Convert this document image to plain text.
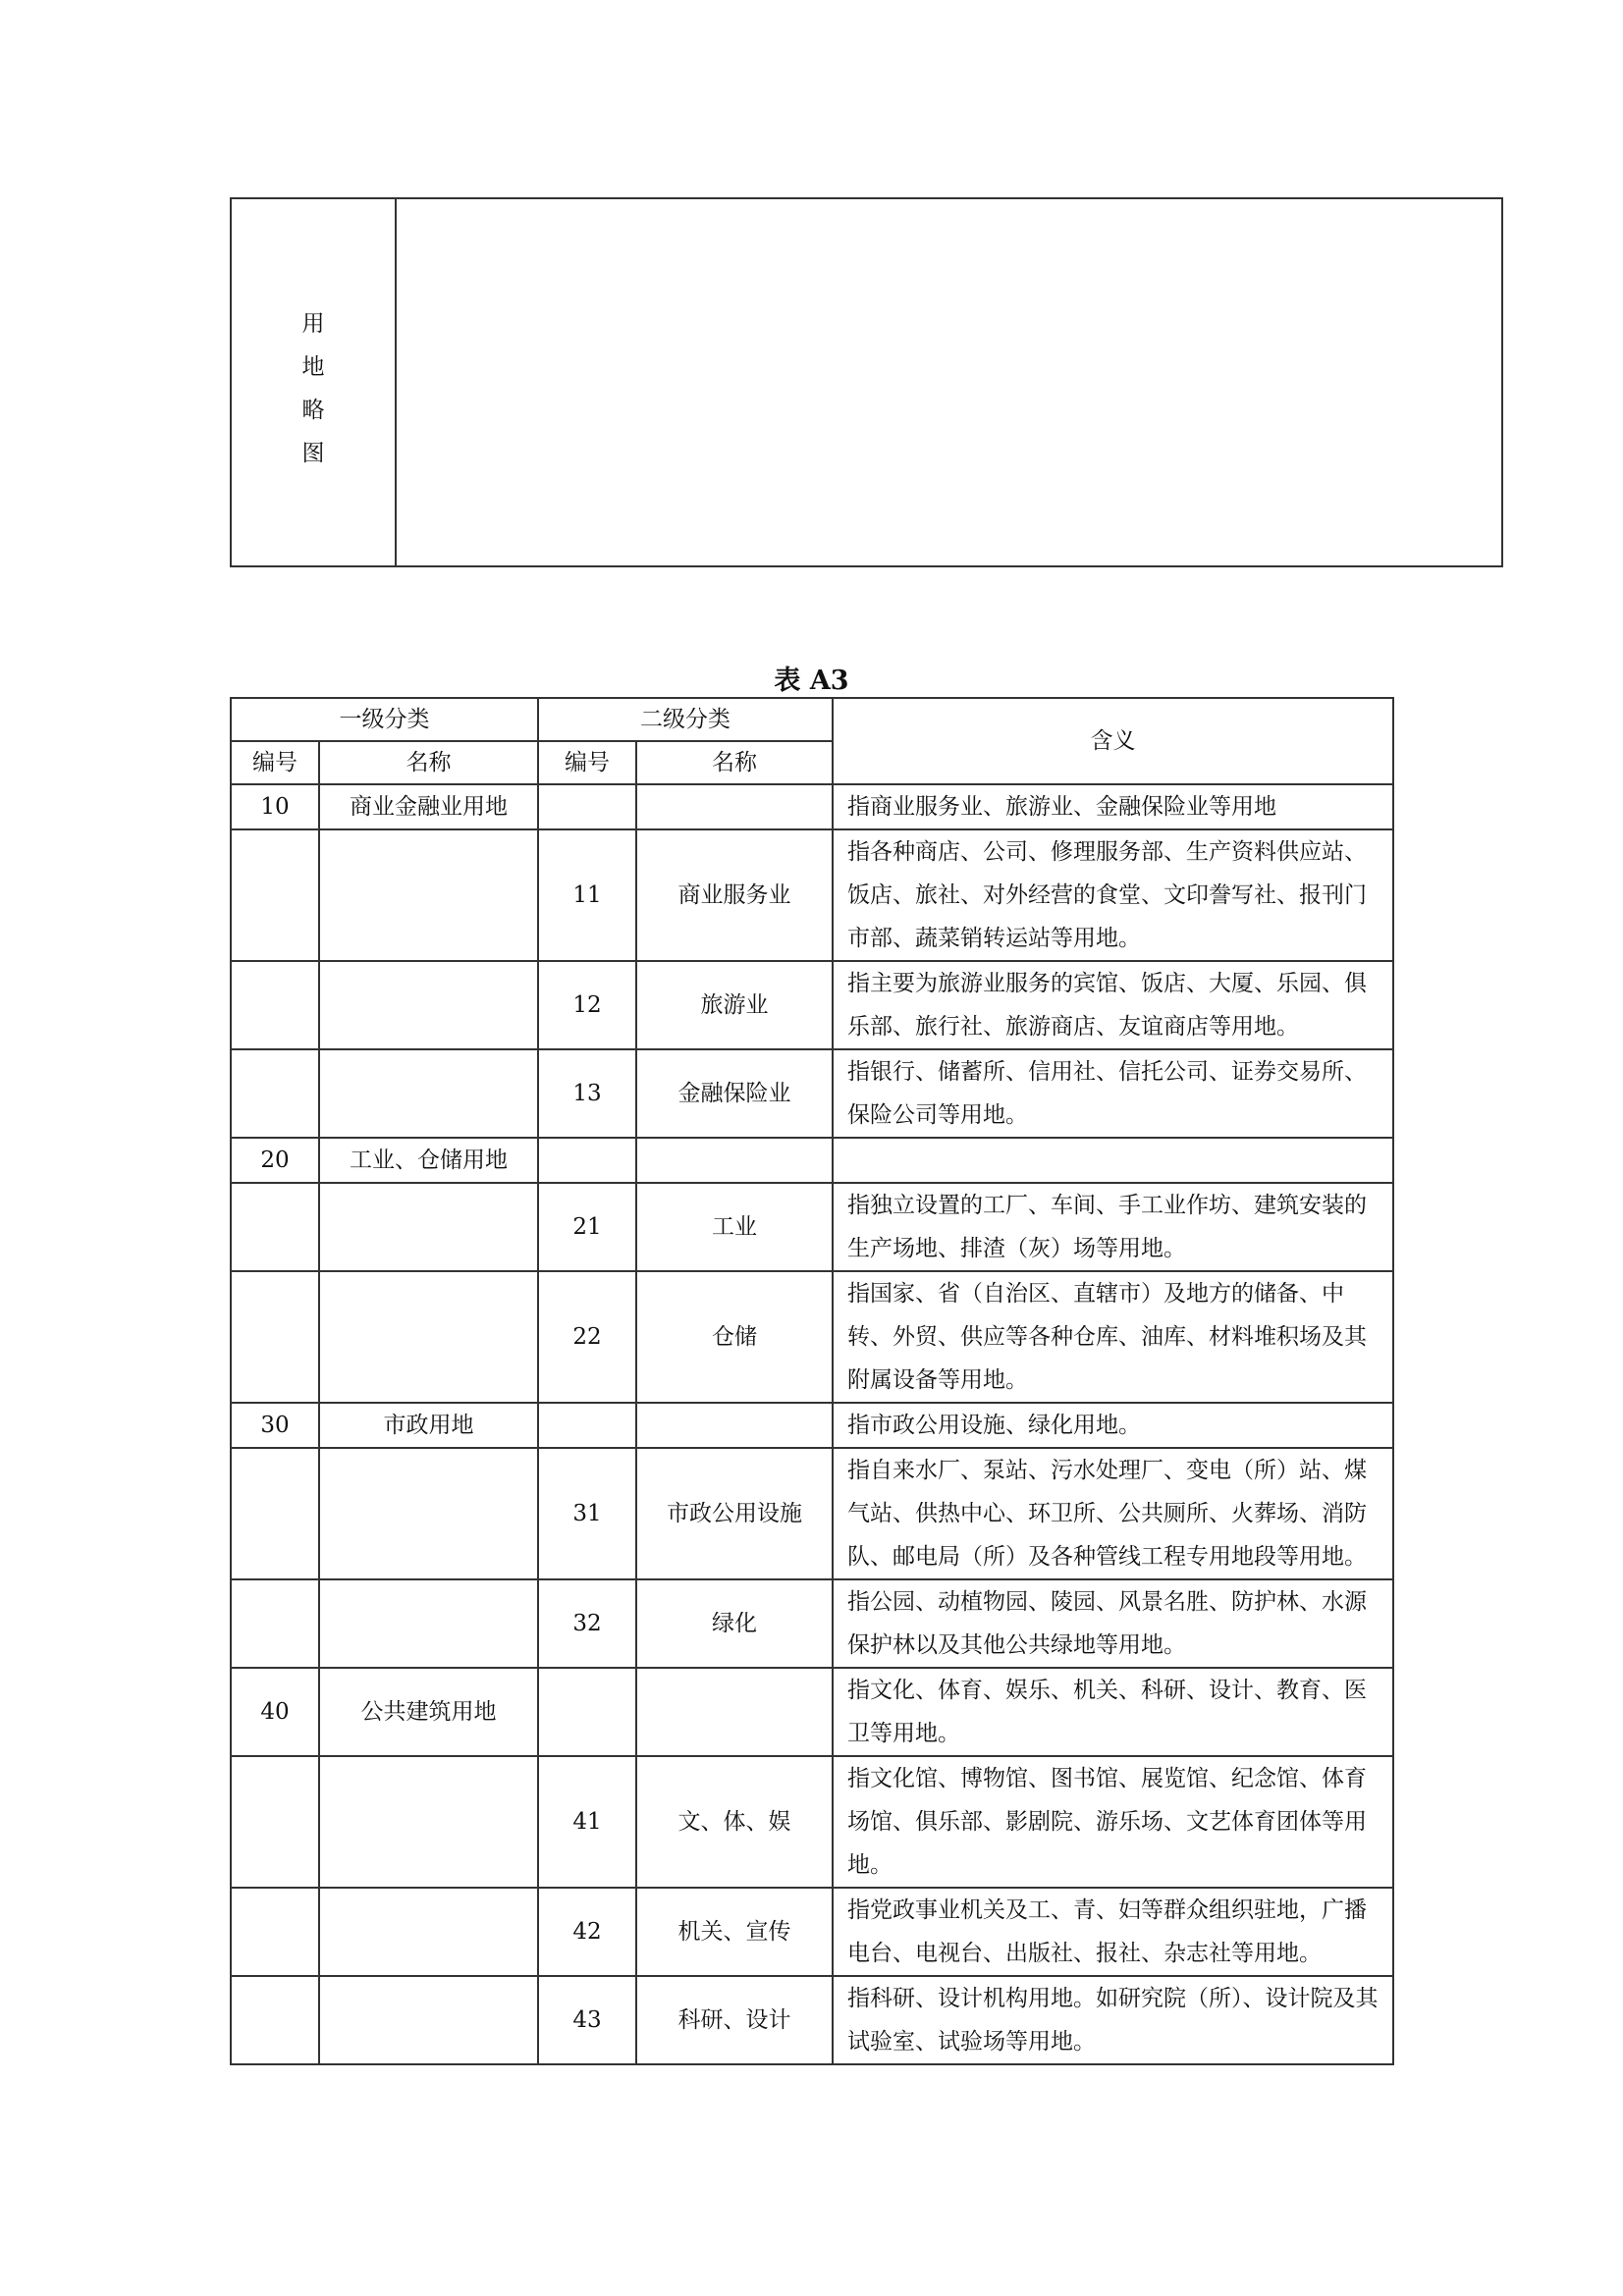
用
地
略
图
表 A3
一级分类		二级分类		含义
编号	名称	编号	名称	
10	商业金融业用地			指商业服务业、旅游业、金融保险业等用地
		11	商业服务业	指各种商店、公司、修理服务部、生产资料供应站、饭店、旅社、对外经营的食堂、文印誊写社、报刊门市部、蔬菜销转运站等用地。
		12	旅游业	指主要为旅游业服务的宾馆、饭店、大厦、乐园、俱乐部、旅行社、旅游商店、友谊商店等用地。
		13	金融保险业	指银行、储蓄所、信用社、信托公司、证券交易所、保险公司等用地。
20	工业、仓储用地			
		21	工业	指独立设置的工厂、车间、手工业作坊、建筑安装的生产场地、排渣（灰）场等用地。
		22	仓储	指国家、省（自治区、直辖市）及地方的储备、中转、外贸、供应等各种仓库、油库、材料堆积场及其附属设备等用地。
30	市政用地			指市政公用设施、绿化用地。
		31	市政公用设施	指自来水厂、泵站、污水处理厂、变电（所）站、煤气站、供热中心、环卫所、公共厕所、火葬场、消防队、邮电局（所）及各种管线工程专用地段等用地。
		32	绿化	指公园、动植物园、陵园、风景名胜、防护林、水源保护林以及其他公共绿地等用地。
40	公共建筑用地			指文化、体育、娱乐、机关、科研、设计、教育、医卫等用地。
		41	文、体、娱	指文化馆、博物馆、图书馆、展览馆、纪念馆、体育场馆、俱乐部、影剧院、游乐场、文艺体育团体等用地。
		42	机关、宣传	指党政事业机关及工、青、妇等群众组织驻地，广播电台、电视台、出版社、报社、杂志社等用地。
		43	科研、设计	指科研、设计机构用地。如研究院（所）、设计院及其试验室、试验场等用地。
